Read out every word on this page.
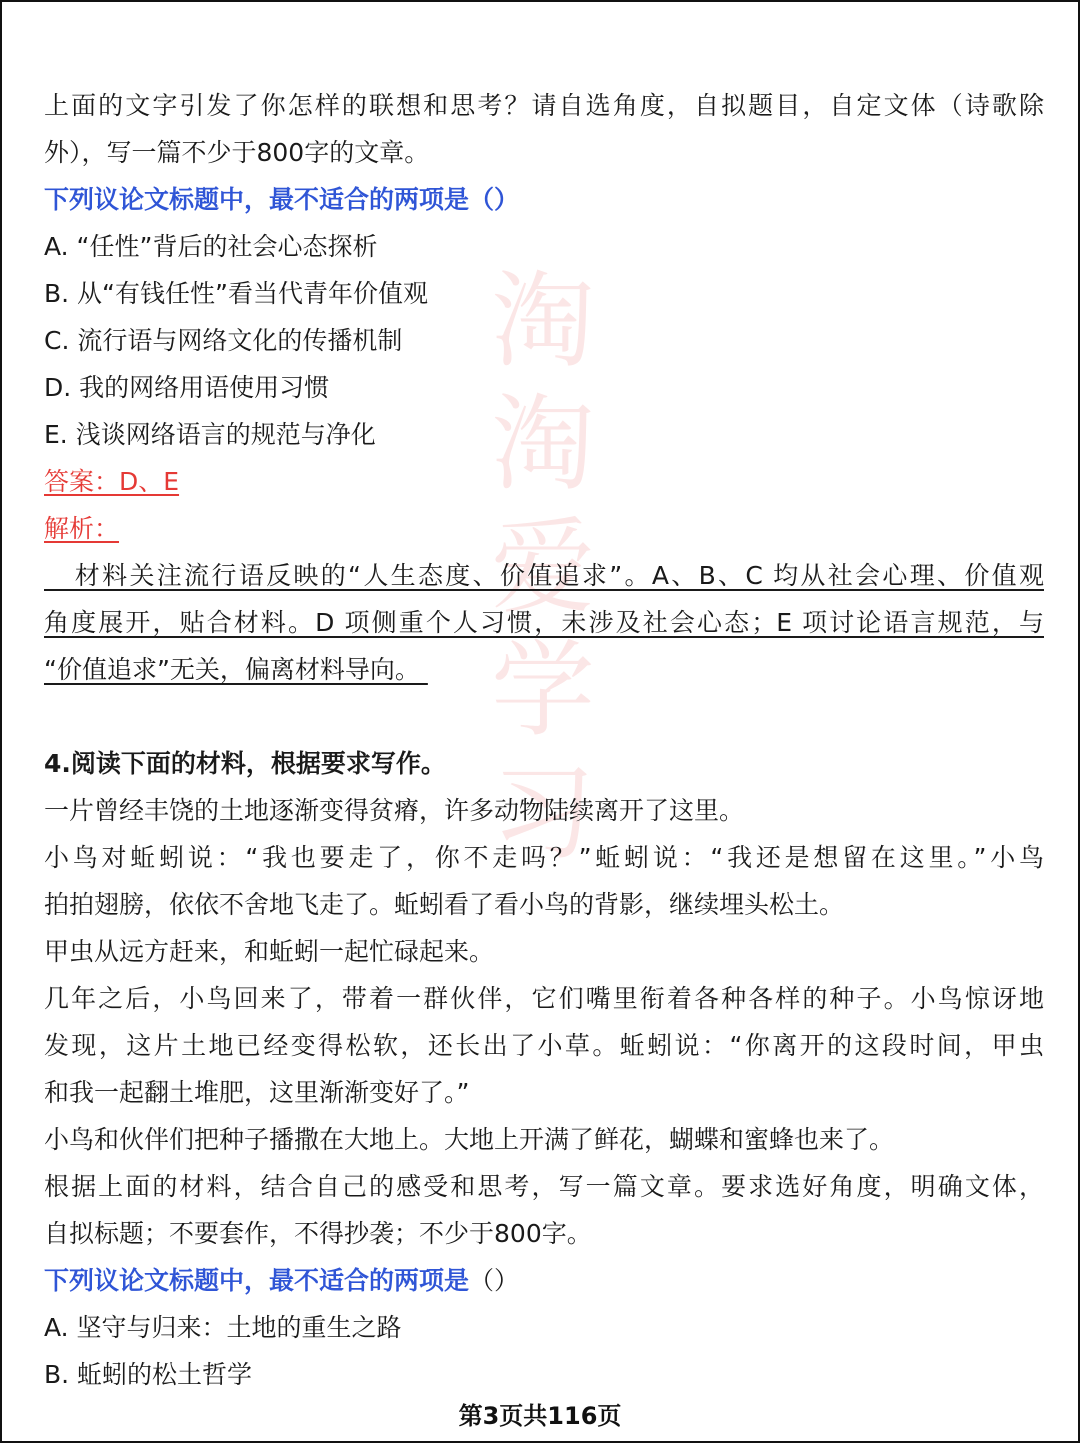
淘
淘
爱
学
习
上面的文字引发了你怎样的联想和思考？请自选角度，自拟题目，自定文体（诗歌除
外），写一篇不少于800字的文章。
下列议论文标题中，最不适合的两项是（）
A. “任性”背后的社会心态探析
B. 从“有钱任性”看当代青年价值观
C. 流行语与网络文化的传播机制
D. 我的网络用语使用习惯
E. 浅谈网络语言的规范与净化
答案：D、E
解析：
材料关注流行语反映的“人生态度、价值追求”。A、B、C 均从社会心理、价值观
角度展开，贴合材料。D 项侧重个人习惯，未涉及社会心态；E 项讨论语言规范，与
“价值追求”无关，偏离材料导向。
4.阅读下面的材料，根据要求写作。
一片曾经丰饶的土地逐渐变得贫瘠，许多动物陆续离开了这里。
小鸟对蚯蚓说：“我也要走了，你不走吗？”蚯蚓说：“我还是想留在这里。”小鸟
拍拍翅膀，依依不舍地飞走了。蚯蚓看了看小鸟的背影，继续埋头松土。
甲虫从远方赶来，和蚯蚓一起忙碌起来。
几年之后，小鸟回来了，带着一群伙伴，它们嘴里衔着各种各样的种子。小鸟惊讶地
发现，这片土地已经变得松软，还长出了小草。蚯蚓说：“你离开的这段时间，甲虫
和我一起翻土堆肥，这里渐渐变好了。”
小鸟和伙伴们把种子播撒在大地上。大地上开满了鲜花，蝴蝶和蜜蜂也来了。
根据上面的材料，结合自己的感受和思考，写一篇文章。要求选好角度，明确文体，
自拟标题；不要套作，不得抄袭；不少于800字。
下列议论文标题中，最不适合的两项是（）
A. 坚守与归来：土地的重生之路
B. 蚯蚓的松土哲学
第3页共116页
